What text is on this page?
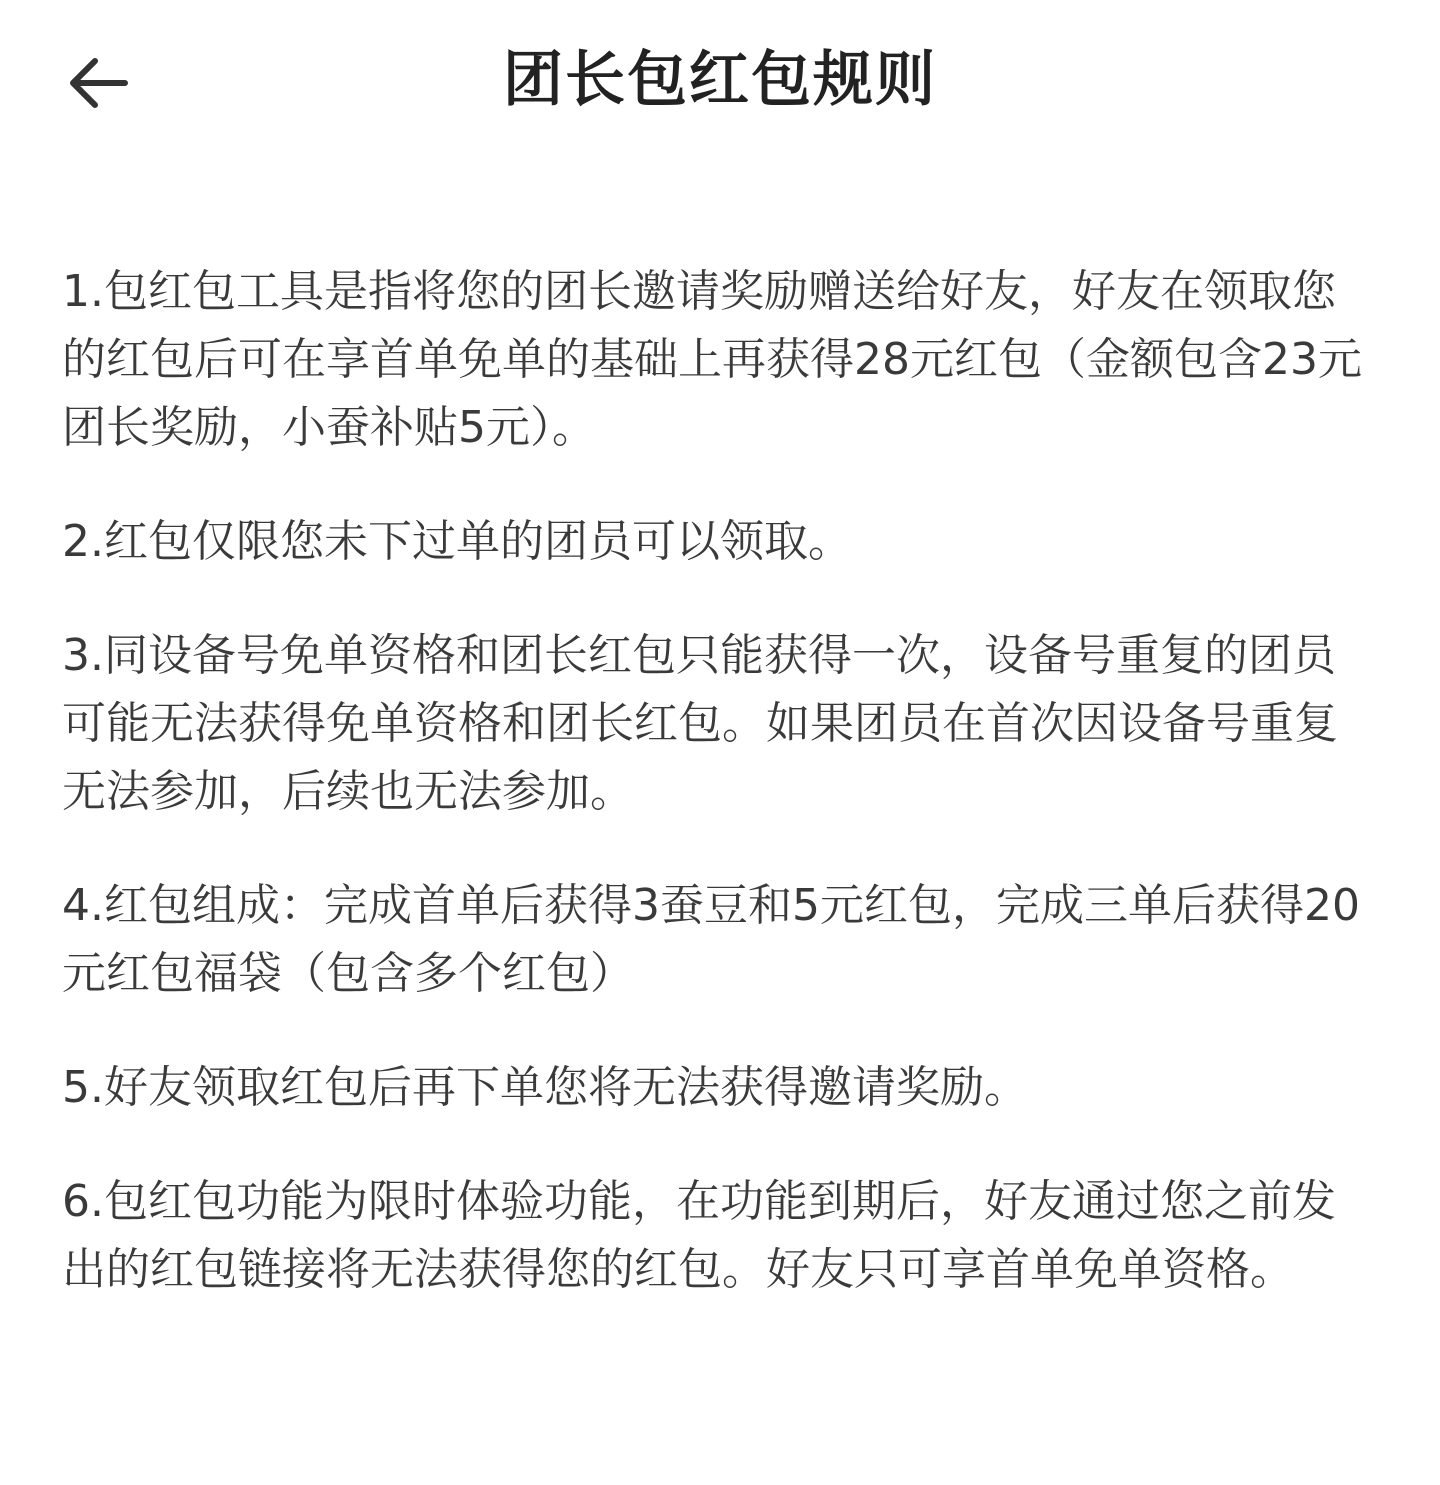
团长包红包规则

1.包红包工具是指将您的团长邀请奖励赠送给好友，好友在领取您的红包后可在享首单免单的基础上再获得28元红包（金额包含23元团长奖励，小蚕补贴5元）。

2.红包仅限您未下过单的团员可以领取。

3.同设备号免单资格和团长红包只能获得一次，设备号重复的团员可能无法获得免单资格和团长红包。如果团员在首次因设备号重复无法参加，后续也无法参加。

4.红包组成：完成首单后获得3蚕豆和5元红包，完成三单后获得20元红包福袋（包含多个红包）

5.好友领取红包后再下单您将无法获得邀请奖励。

6.包红包功能为限时体验功能，在功能到期后，好友通过您之前发出的红包链接将无法获得您的红包。好友只可享首单免单资格。
